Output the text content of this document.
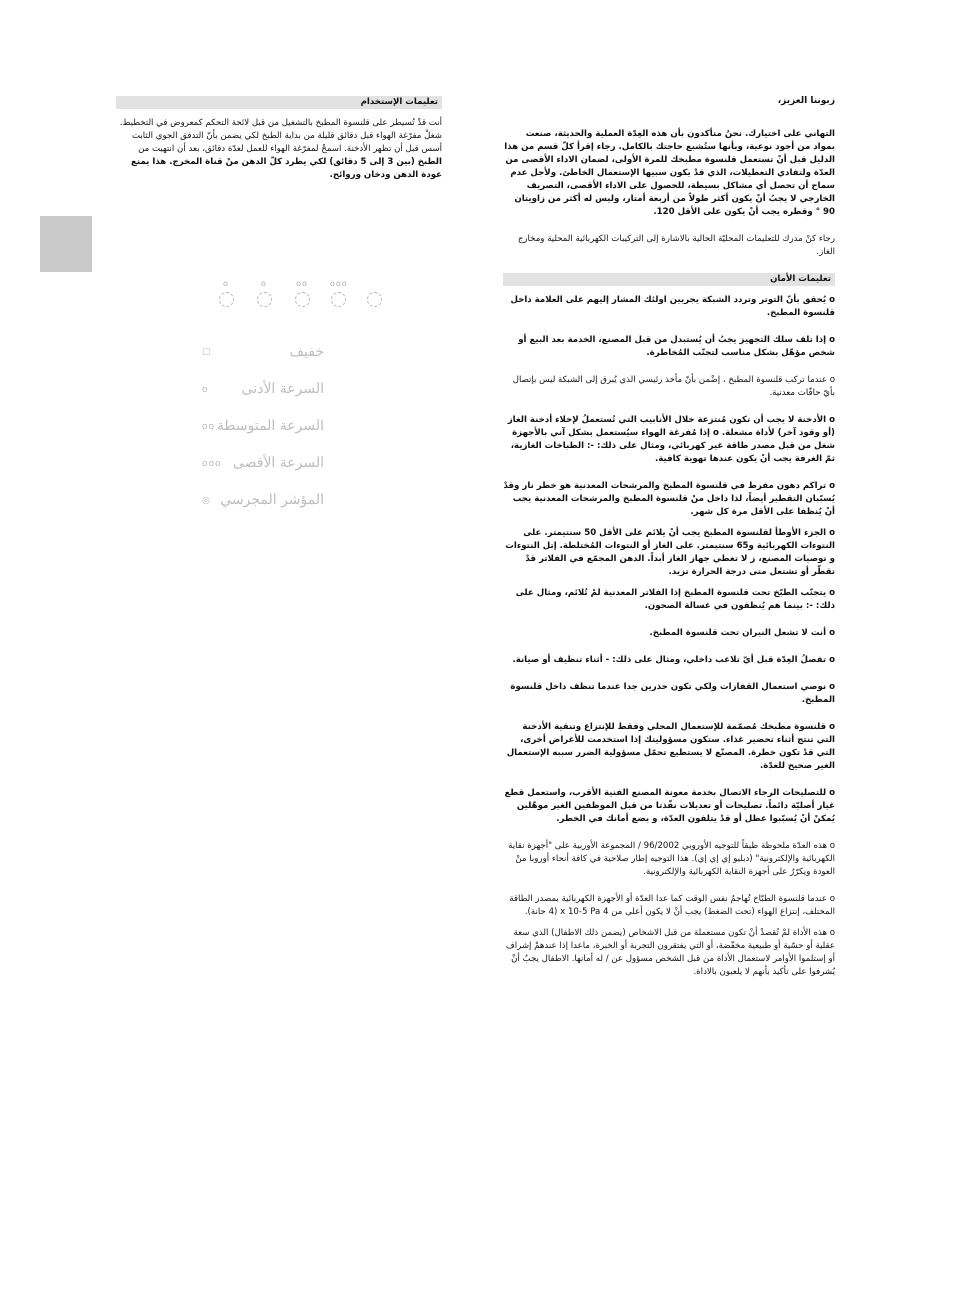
تعليمات الإستخدام

أنت قدْ تُسيطر على قلنسوة المطبخ بالتشغيل من قبل لائحة التحكم كمعروض في التخطيط. شغلْ مفرّغة الهواء قبل دقائق قليلة من بداية الطبخ لكي يضمن بأنّ التدفق الجوي الثابت أسس قبل أن تظهر الأدخنة. اسمحْ لمفرّغة الهواء للعمل لعدّة دقائق، بعد أن انتهيت من

الطبخ (بين 3 إلى 5 دقائق) لكي يطرد كلّ الدهن منْ قناة المخرج. هذا يمنع عودة الدهن ودخان وروائح.

o	o	oo	ooo
☐	خفيف
o	السرعة الأدنى
oo السرعة المتوسطة
ooo السرعة الأقصى
◎ المؤشر المجرسي

زبوننا العزيز،

التهاني على اختيارك. نحنُ متأكدون بأن هذه العِدّة العملية والحديثة، صنعت بمواد من أجود نوعية، وبأنها ستُشبع حاجتك بالكامل. رجاء إقرأ كلّ قسم من هذا الدليل قبل أنْ تستعمل قلنسوة مطبخك للمرة الأولى، لضمان الاداء الأقصى من العدّة ولتفادي التعطيلات، الذي قدْ يكون سبيها الإستعمال الخاطئ. ولأجل عدم سماح أن تحصل أي مشاكل بسيطة، للحصول على الاداء الأقصى، التصريف الخارجي لا يجبُ أنْ يكون أكثر طولاً من أربعة أمتار، وليس له أكثر من زاويتان 90 ° وقطره يجب أنْ يكون على الأقل 120.

رجاء كنْ مدرك للتعليمات المحليّة الحالية بالاشارة إلى التركيبات الكهربائية المحلية ومخارج الغاز.

تعليمات الأمان

o يُحقق بأنّ التوتر وتردد الشبكة يجريين اولئك المشار إليهم على العلامة داخل قلنسوة المطبخ.

o إذا تلف سلك التجهيز يجبُ أن يُستبدل من قبل المصنع، الخدمة بعد البيع أو شخص مؤهّل بشكل مناسب لتجنّب المُخاطرة.

o عندما تركب قلنسوة المطبخ ، إضْمن بأنّ مأخذ رئيسي الذي يُبرق إلى الشبكة ليس بإتصال بأيّ حافّات معدنية.

o الأدخنة لا يجب أن تكون مُنتزعة خلال الأنابيب التي تُستعملُ لإخلاء أدخنة الغاز (أو وقود آخر) لأداة مشعلة. o إذا مُفرغة الهواء سيُستعمل بشكل آني بالأجهزة شغل من قبل مصدر طاقة غير كهربائي، ومثال على ذلك: -: الطباخات الغازية، ثمّ الغرفة يجب أنْ يكون عندها تهوية كافية.

o تراكم دهون مفرط في قلنسوة المطبخ والمرشحات المعدنية هو خطر نار وقدْ يُسبّبان التقطير أيضاً، لذا داخل منْ قلنسوة المطبخ والمرشحات المعدنية يجب أنْ يُنظفا على الأقل مرة كل شهر.

o الجزء الأوطأ لقلنسوة المطبخ يجب أنْ يلائم على الأقل 50 سنتيمتر. على النتوءات الكهربائية و65 سنتيمتر. على الغاز أو النتوءات المُختلطة. إتل النتوءات و توصيات المصنع، ز لا تغطي جهاز الغاز أبداً. الدهن المجمّع في الفلاتر قدْ تقطّر أو تشتعل متى درجة الحرارة تزيد.

o يتجنّب الطبّخ تحت قلنسوة المطبخ إذا الفلاتر المعدنية لمْ تُلائم، ومثال على ذلك: -: بينما هم يُنظفون في غسالة الصحون.

o أنت لا تشعل النيران تحت قلنسوة المطبخ.

o تفصلُ العِدّة قبل أيّ تلاعب داخلي، ومثال على ذلك: - أثناء تنظيف أو صيانة.

o نوصي استعمال القفازات ولكي تكون حذرين جدا عندما تنظف داخل قلنسوة المطبخ.

o قلنسوة مطبخك مُصمّمة للإستعمال المحلي وفقط للإنتزاع وتنقية الأدخنة التي تنتج أثناء تحضير غذاء. ستكون مسؤوليتك إذا استخدمت للأغراض أخرى، التي قدْ تكون خطرة. المصنّع لا يستطيع تحمّل مسؤولية الضرر سببه الإستعمال الغير صحيح للعدّة.

o للتصليحات الرجاء الاتصال بخدمة معونة المصنع الفنية الأقرب، واستعمل قطع غيار أصليّة دائماً. تصليحات أو تعديلات نفّذتا من قبل الموظفين الغير موهّلين يُمكنْ أنْ يُسبّبوا عطل أو قدْ يتلفون العدّة، و يضع أمانك في الخطر.

o هذه العدّة ملحوظة طبقاً للتوجيه الأوروبي 96/2002 / المجموعة الأوربية على "أجهزة نقاية الكهربائية والإلكترونية" (دبليو إي إي إي). هذا التوجيه إطار صلاحية في كافة أنحاء أوروبا منْ العودة ويكرّرُ على أجهزة النقاية الكهربائية والإلكترونية.

o عندما قلنسوة الطبّاخ تُهاجمُ نفس الوقت كما عدا العدّة أو الأجهزة الكهربائية بمصدر الطاقة المختلف، إنتزاع الهواء (تحت الضغط) يجب أنْ لا يكون أعلى من 4 x 10-5 Pa (4 حانة).

o هذه الأداة لمْ تُقصدْ أنْ تكون مستعملة من قبل الاشخاص (يضمن ذلك الاطفال) الذي سعة عقلية أو حسّية أو طبيعية مخفّضة، أو التي يفتقرون التجربة أو الخبرة، ماعدا إذا عندهمْ إشراف أو إستلموا الأوامر لاستعمال الأداة من قبل الشخص مسؤول عن / له أمانها. الاطفال يجبُ أنْ يُشرفوا على تأكيد بأنهم لا يلعبون بالاداة.
